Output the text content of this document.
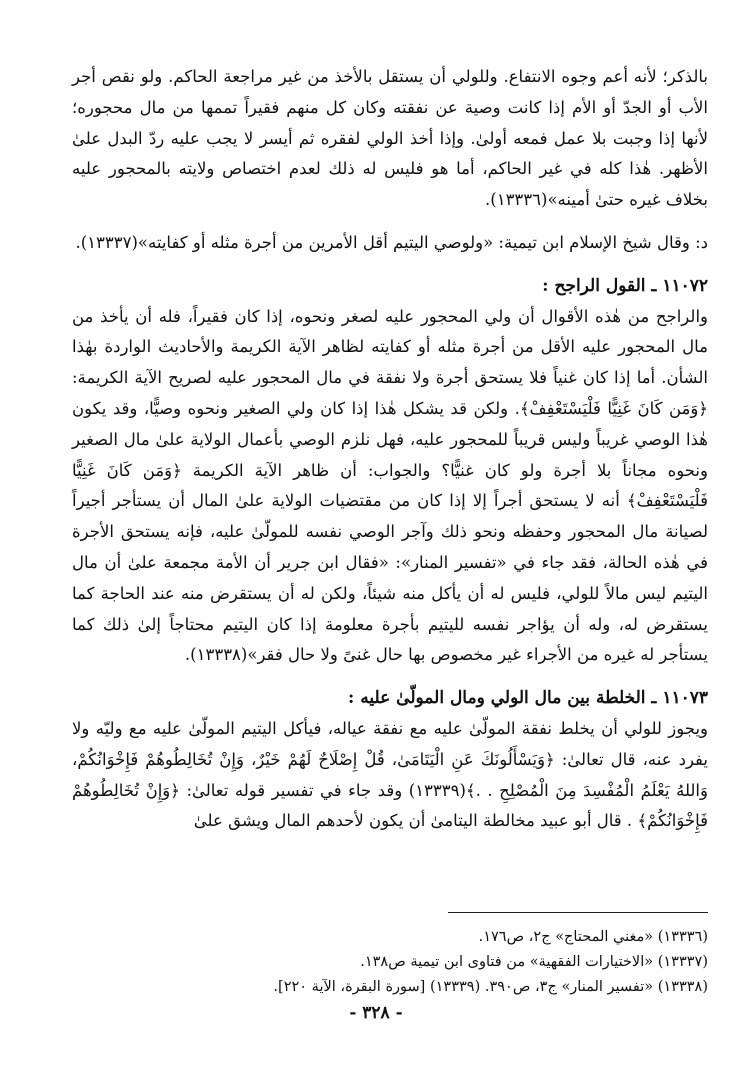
بالذكر؛ لأنه أعم وجوه الانتفاع. وللولي أن يستقل بالأخذ من غير مراجعة الحاكم. ولو نقص أجر الأب أو الجدّ أو الأم إذا كانت وصية عن نفقته وكان كل منهم فقيراً تممها من مال محجوره؛ لأنها إذا وجبت بلا عمل فمعه أولىٰ. وإذا أخذ الولي لفقره ثم أيسر لا يجب عليه ردّ البدل علىٰ الأظهر. هٰذا كله في غير الحاكم، أما هو فليس له ذلك لعدم اختصاص ولايته بالمحجور عليه بخلاف غيره حتىٰ أمينه»(١٣٣٣٦).

د: وقال شيخ الإسلام ابن تيمية: «ولوصي اليتيم أقل الأمرين من أجرة مثله أو كفايته»(١٣٣٣٧).

١١٠٧٢ ـ القول الراجح :

والراجح من هٰذه الأقوال أن ولي المحجور عليه لصغر ونحوه، إذا كان فقيراً، فله أن يأخذ من مال المحجور عليه الأقل من أجرة مثله أو كفايته لظاهر الآية الكريمة والأحاديث الواردة بهٰذا الشأن. أما إذا كان غنياً فلا يستحق أجرة ولا نفقة في مال المحجور عليه لصريح الآية الكريمة: ﴿وَمَن كَانَ غَنِيًّا فَلْيَسْتَعْفِفْ﴾. ولكن قد يشكل هٰذا إذا كان ولي الصغير ونحوه وصيًّا، وقد يكون هٰذا الوصي غريباً وليس قريباً للمحجور عليه، فهل نلزم الوصي بأعمال الولاية علىٰ مال الصغير ونحوه مجاناً بلا أجرة ولو كان غنيًّا؟ والجواب: أن ظاهر الآية الكريمة ﴿وَمَن كَانَ غَنِيًّا فَلْيَسْتَعْفِفْ﴾ أنه لا يستحق أجراً إلا إذا كان من مقتضيات الولاية علىٰ المال أن يستأجر أجيراً لصيانة مال المحجور وحفظه ونحو ذلك وآجر الوصي نفسه للمولّىٰ عليه، فإنه يستحق الأجرة في هٰذه الحالة، فقد جاء في «تفسير المنار»: «فقال ابن جرير أن الأمة مجمعة علىٰ أن مال اليتيم ليس مالاً للولي، فليس له أن يأكل منه شيئاً، ولكن له أن يستقرض منه عند الحاجة كما يستقرض له، وله أن يؤاجر نفسه لليتيم بأجرة معلومة إذا كان اليتيم محتاجاً إلىٰ ذلك كما يستأجر له غيره من الأجراء غير مخصوص بها حال غنىً ولا حال فقر»(١٣٣٣٨).

١١٠٧٣ ـ الخلطة بين مال الولي ومال المولّىٰ عليه :

ويجوز للولي أن يخلط نفقة المولّىٰ عليه مع نفقة عياله، فيأكل اليتيم المولّىٰ عليه مع وليّه ولا يفرد عنه، قال تعالىٰ: ﴿وَيَسْأَلُونَكَ عَنِ الْيَتَامَىٰ، قُلْ إِصْلَاحٌ لَهُمْ خَيْرٌ، وَإِنْ تُخَالِطُوهُمْ فَإِخْوَانُكُمْ، وَاللهُ يَعْلَمُ الْمُفْسِدَ مِنَ الْمُصْلِحِ . .﴾(١٣٣٣٩) وقد جاء في تفسير قوله تعالىٰ: ﴿وَإِنْ تُخَالِطُوهُمْ فَإِخْوَانُكُمْ﴾ . قال أبو عبيد مخالطة اليتامىٰ أن يكون لأحدهم المال ويشق علىٰ

(١٣٣٣٦) «مغني المحتاج» ج٢، ص١٧٦.

(١٣٣٣٧) «الاختيارات الفقهية» من فتاوى ابن تيمية ص١٣٨.

(١٣٣٣٨) «تفسير المنار» ج٣، ص٣٩٠. (١٣٣٣٩) [سورة البقرة، الآية ٢٢٠].

- ٣٢٨ -
